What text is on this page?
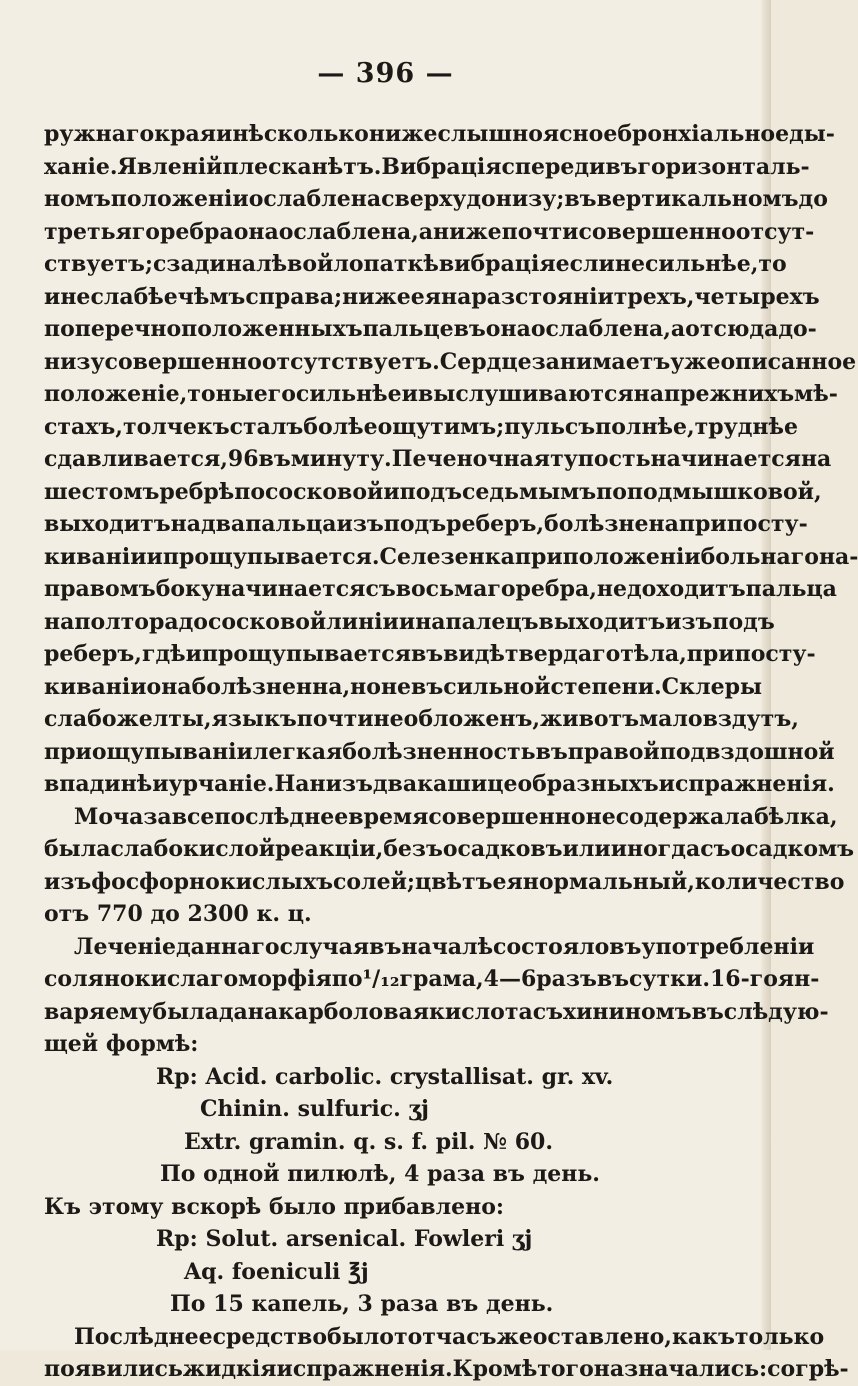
— 396 —
ружнаго края и нѣсколько ниже слышно ясное бронхіальное ды-
ханіе. Явленій плеска нѣтъ. Вибрація спереди въ горизонталь-
номъ положеніи ослаблена сверху донизу; въ вертикальномъ до
третьяго ребра она ослаблена, а ниже почти совершенно отсут-
ствуетъ; сзади на лѣвой лопаткѣ вибрація если не сильнѣе, то
и не слабѣе чѣмъ справа; ниже ея на разстояніи трехъ, четырехъ
поперечно положенныхъ пальцевъ она ослаблена, а отсюда до-
низу совершенно отсутствуетъ. Сердце занимаетъ уже описанное
положеніе, тоны его сильнѣе и выслушиваются на прежнихъ мѣ-
стахъ, толчекъ сталъ болѣе ощутимъ; пульсъ полнѣе, труднѣе
сдавливается, 96 въ минуту. Печеночная тупость начинается на
шестомъ ребрѣ по сосковой и подъ седьмымъ по подмышковой,
выходитъ на два пальца изъ подъ реберъ, болѣзнена при посту-
киваніи и прощупывается. Селезенка при положеніи больнаго на-
правомъ боку начинается съ восьмаго ребра, не доходитъ пальца
на полтора до сосковой линіи и на палецъ выходитъ изъ подъ
реберъ, гдѣ и прощупывается въ видѣ твердаго тѣла, при посту-
киваніи она болѣзненна, но не въ сильной степени. Склеры
слабо желты, языкъ почти не обложенъ, животъ мало вздутъ,
при ощупываніи легкая болѣзненность въ правой подвздошной
впадинѣ и урчаніе. Нанизъ два кашицеобразныхъ испражненія.
Моча за все послѣднее время совершенно не содержала бѣлка,
была слабокислой реакціи, безъ осадковъ или иногда съ осадкомъ
изъ фосфорнокислыхъ солей; цвѣтъ ея нормальный, количество
отъ 770 до 2300 к. ц.
Леченіе даннаго случая въ началѣ состояло въ употребленіи
солянокислаго морфія по ¹/₁₂ грама, 4—6 разъ въ сутки. 16-го ян-
варя ему была дана карболовая кислота съ хининомъ въ слѣдую-
щей формѣ:
Rp: Acid. carbolic. crystallisat. gr. xv.
Chinin. sulfuric. ʒj
Extr. gramin. q. s. f. pil. № 60.
По одной пилюлѣ, 4 раза въ день.
Къ этому вскорѣ было прибавлено:
Rp: Solut. arsenical. Fowleri ʒj
Aq. foeniculi ℥j
По 15 капель, 3 раза въ день.
Послѣднее средство было тотчасъ же оставлено, какъ только
появились жидкія испражненія. Кромѣ того назначались: согрѣ-
